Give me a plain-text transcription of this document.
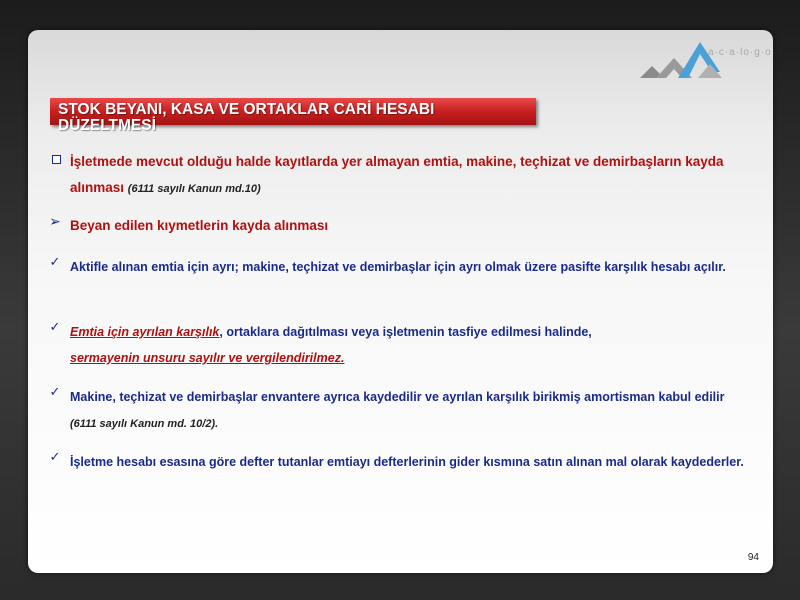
a·c·a·lo·g·o
STOK BEYANI, KASA VE ORTAKLAR CARİ HESABI DÜZELTMESİ
İşletmede mevcut olduğu halde kayıtlarda yer almayan emtia, makine, teçhizat ve demirbaşların kayda alınması (6111 sayılı Kanun md.10)
➢ Beyan edilen kıymetlerin kayda alınması
✓ Aktifle alınan emtia için ayrı; makine, teçhizat ve demirbaşlar için ayrı olmak üzere pasifte karşılık hesabı açılır.
✓ Emtia için ayrılan karşılık, ortaklara dağıtılması veya işletmenin tasfiye edilmesi halinde,
sermayenin unsuru sayılır ve vergilendirilmez.
✓ Makine, teçhizat ve demirbaşlar envantere ayrıca kaydedilir ve ayrılan karşılık birikmiş amortisman kabul edilir (6111 sayılı Kanun md. 10/2).
✓ İşletme hesabı esasına göre defter tutanlar emtiayı defterlerinin gider kısmına satın alınan mal olarak kaydederler.
94
